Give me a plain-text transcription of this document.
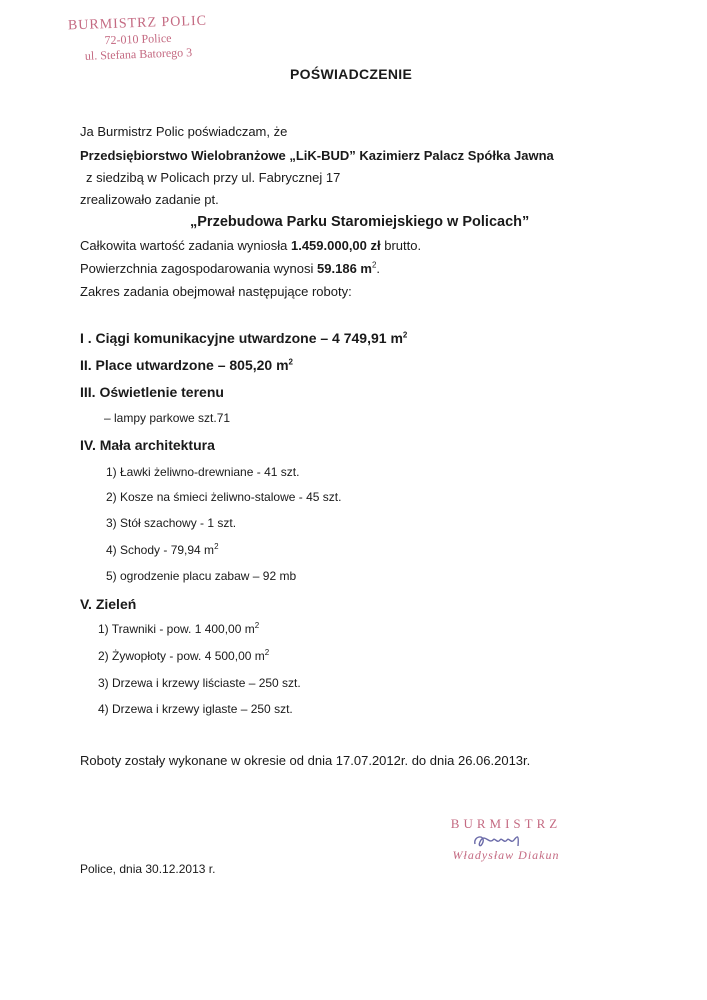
BURMISTRZ POLIC
72-010 Police
ul. Stefana Batorego 3
POŚWIADCZENIE
Ja Burmistrz Polic poświadczam, że
Przedsiębiorstwo Wielobranżowe „LiK-BUD” Kazimierz Palacz Spółka Jawna
z siedzibą w Policach przy ul. Fabrycznej 17
zrealizowało zadanie pt.
„Przebudowa Parku Staromiejskiego w Policach”
Całkowita wartość zadania wyniosła 1.459.000,00 zł brutto.
Powierzchnia zagospodarowania wynosi 59.186 $m^2$.
Zakres zadania obejmował następujące roboty:
I . Ciągi komunikacyjne utwardzone – 4 749,91 $m^2$
II. Place utwardzone – 805,20 $m^2$
III. Oświetlenie terenu
– lampy parkowe szt.71
IV. Mała architektura
1) Ławki żeliwno-drewniane - 41 szt.
2) Kosze na śmieci żeliwno-stalowe - 45 szt.
3) Stół szachowy - 1 szt.
4) Schody - 79,94 $m^2$
5) ogrodzenie placu zabaw – 92 mb
V. Zieleń
1) Trawniki - pow. 1 400,00 $m^2$
2) Żywopłoty - pow. 4 500,00 $m^2$
3) Drzewa i krzewy liściaste – 250 szt.
4) Drzewa i krzewy iglaste – 250 szt.
Roboty zostały wykonane w okresie od dnia 17.07.2012r. do dnia 26.06.2013r.
BURMISTRZ
Władysław Diakun
Police, dnia 30.12.2013 r.
